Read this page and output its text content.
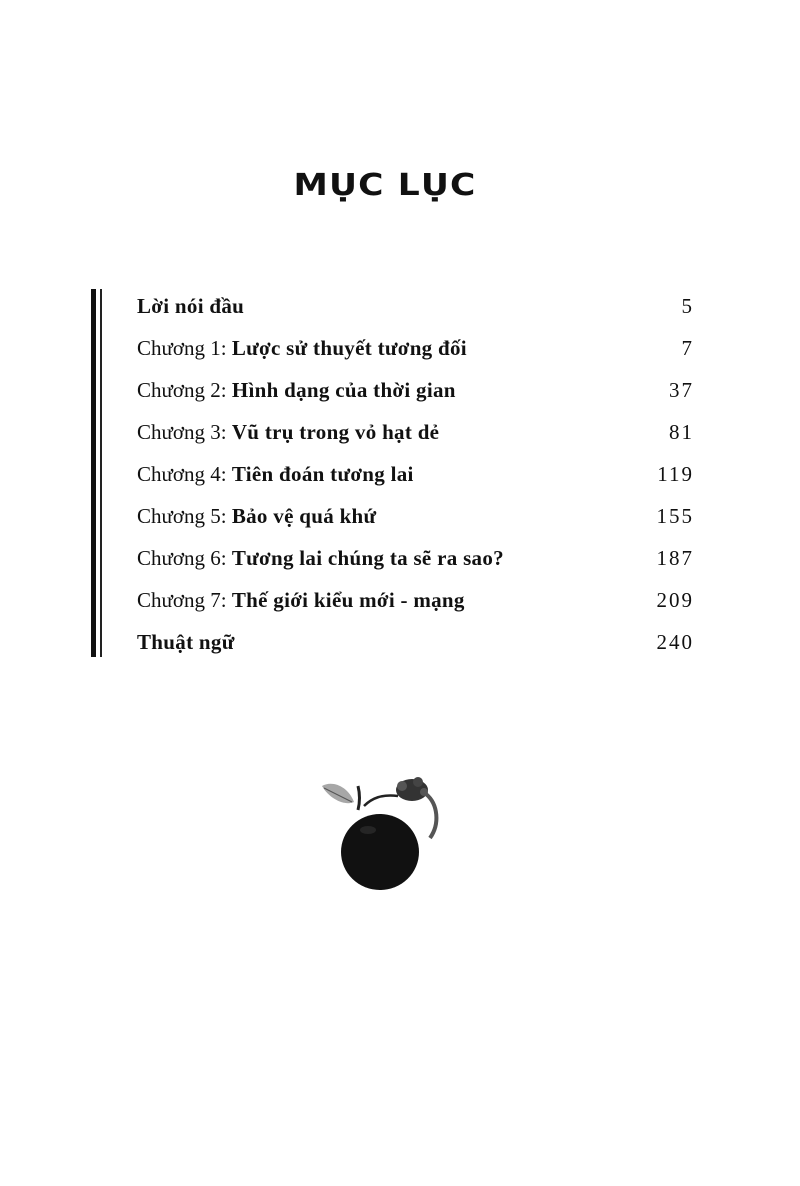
MỤC LỤC
Lời nói đầu	5
Chương 1: Lược sử thuyết tương đối	7
Chương 2: Hình dạng của thời gian	37
Chương 3: Vũ trụ trong vỏ hạt dẻ	81
Chương 4: Tiên đoán tương lai	119
Chương 5: Bảo vệ quá khứ	155
Chương 6: Tương lai chúng ta sẽ ra sao?	187
Chương 7: Thế giới kiểu mới - mạng	209
Thuật ngữ	240
